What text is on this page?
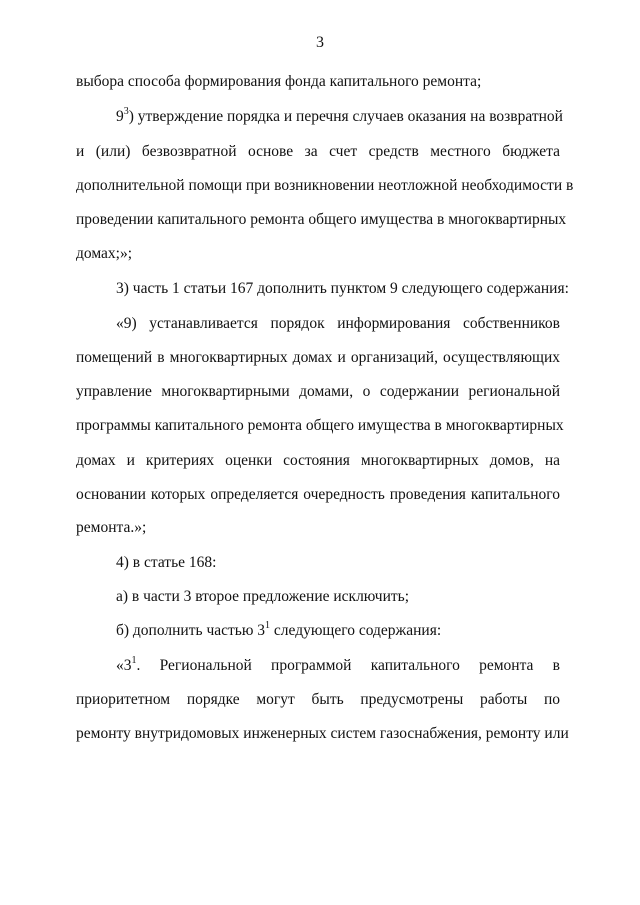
3
выбора способа формирования фонда капитального ремонта;
$9^3$) утверждение порядка и перечня случаев оказания на возвратной
и (или) безвозвратной основе за счет средств местного бюджета
дополнительной помощи при возникновении неотложной необходимости в
проведении капитального ремонта общего имущества в многоквартирных
домах;»;
3) часть 1 статьи 167 дополнить пунктом 9 следующего содержания:
«9) устанавливается порядок информирования собственников
помещений в многоквартирных домах и организаций, осуществляющих
управление многоквартирными домами, о содержании региональной
программы капитального ремонта общего имущества в многоквартирных
домах и критериях оценки состояния многоквартирных домов, на
основании которых определяется очередность проведения капитального
ремонта.»;
4) в статье 168:
а) в части 3 второе предложение исключить;
б) дополнить частью $3^1$ следующего содержания:
«$3^1$. Региональной программой капитального ремонта в
приоритетном порядке могут быть предусмотрены работы по
ремонту внутридомовых инженерных систем газоснабжения, ремонту или
